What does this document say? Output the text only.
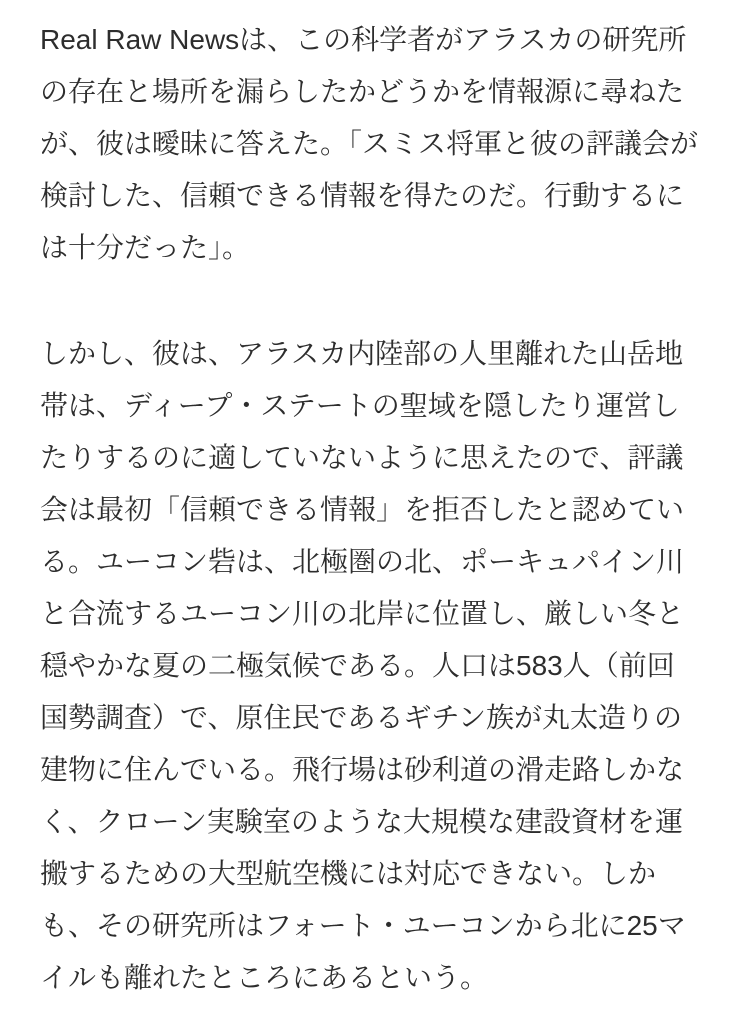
Real Raw Newsは、この科学者がアラスカの研究所の存在と場所を漏らしたかどうかを情報源に尋ねたが、彼は曖昧に答えた。「スミス将軍と彼の評議会が検討した、信頼できる情報を得たのだ。行動するには十分だった」。

しかし、彼は、アラスカ内陸部の人里離れた山岳地帯は、ディープ・ステートの聖域を隠したり運営したりするのに適していないように思えたので、評議会は最初「信頼できる情報」を拒否したと認めている。ユーコン砦は、北極圏の北、ポーキュパイン川と合流するユーコン川の北岸に位置し、厳しい冬と穏やかな夏の二極気候である。人口は583人（前回国勢調査）で、原住民であるギチン族が丸太造りの建物に住んでいる。飛行場は砂利道の滑走路しかなく、クローン実験室のような大規模な建設資材を運搬するための大型航空機には対応できない。しかも、その研究所はフォート・ユーコンから北に25マイルも離れたところにあるという。
